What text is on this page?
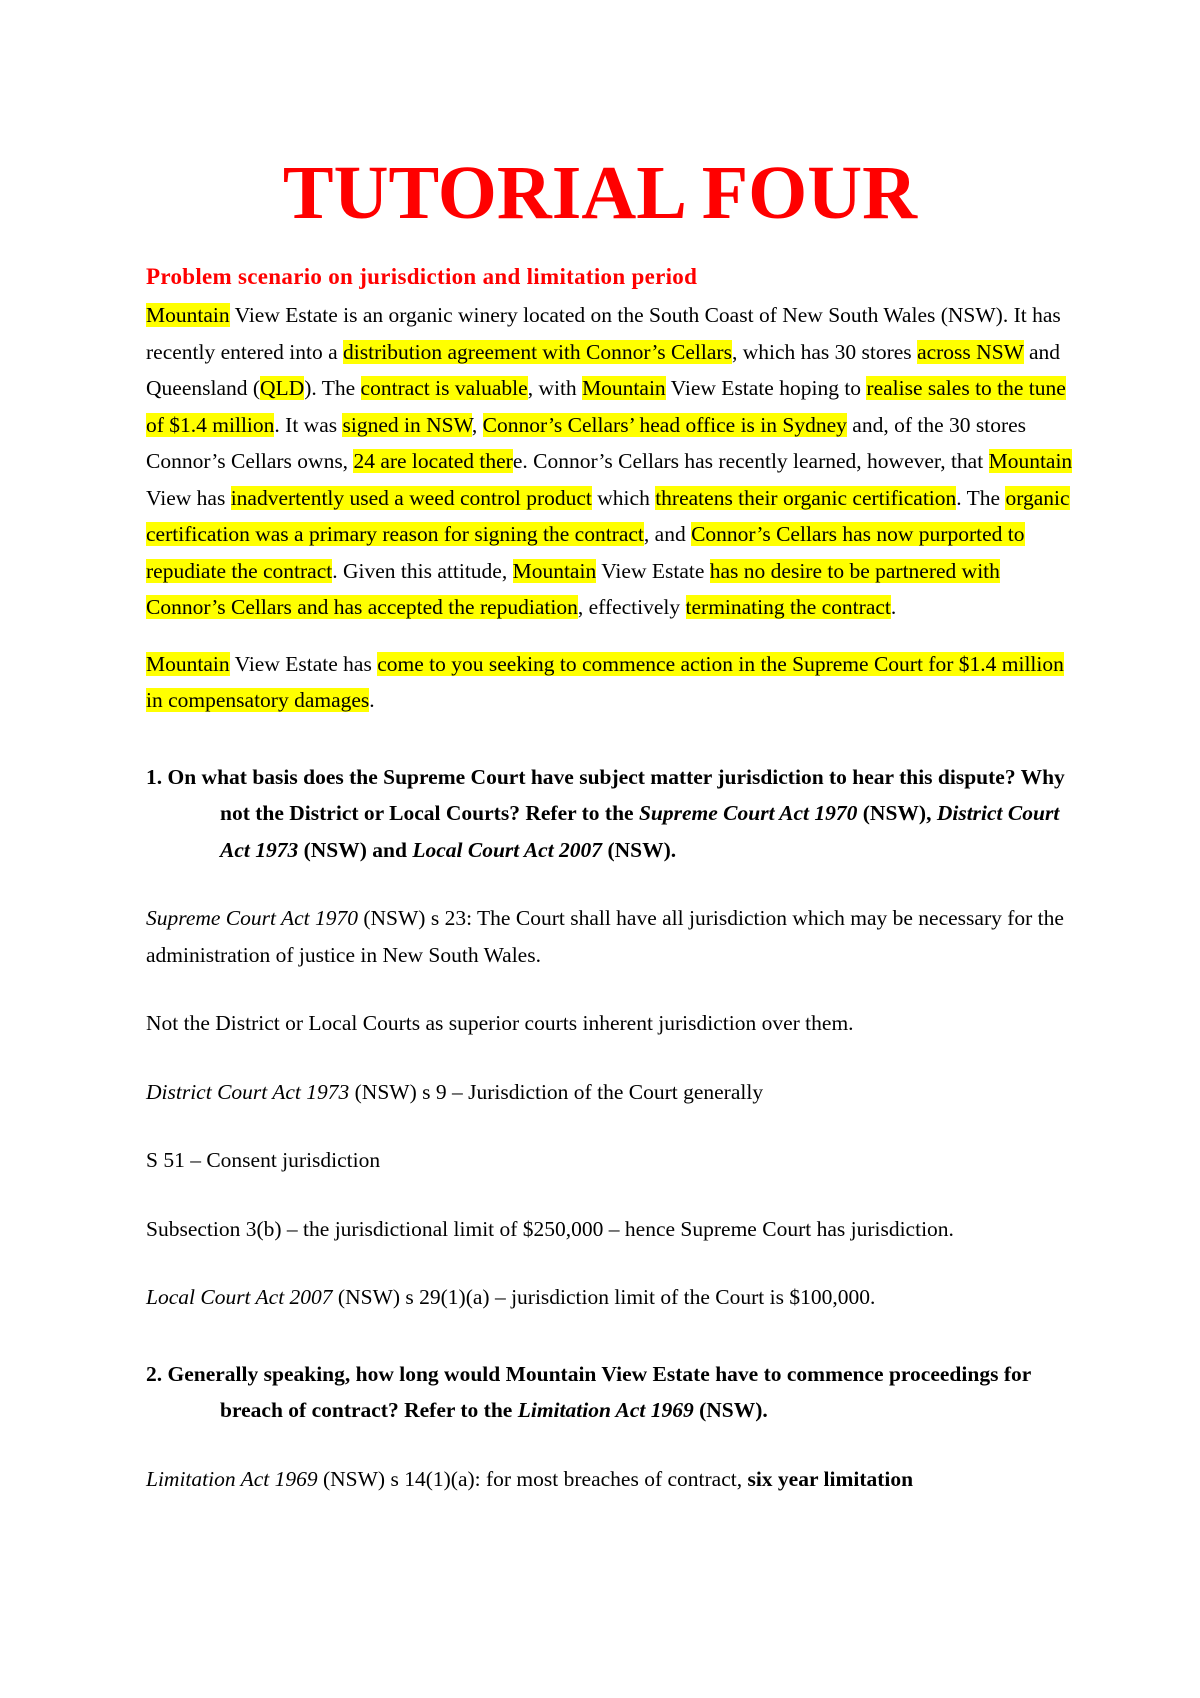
TUTORIAL FOUR
Problem scenario on jurisdiction and limitation period

Mountain View Estate is an organic winery located on the South Coast of New South Wales (NSW). It has recently entered into a distribution agreement with Connor’s Cellars, which has 30 stores across NSW and Queensland (QLD). The contract is valuable, with Mountain View Estate hoping to realise sales to the tune of $1.4 million. It was signed in NSW, Connor’s Cellars’ head office is in Sydney and, of the 30 stores Connor’s Cellars owns, 24 are located there. Connor’s Cellars has recently learned, however, that Mountain View has inadvertently used a weed control product which threatens their organic certification. The organic certification was a primary reason for signing the contract, and Connor’s Cellars has now purported to repudiate the contract. Given this attitude, Mountain View Estate has no desire to be partnered with Connor’s Cellars and has accepted the repudiation, effectively terminating the contract.

Mountain View Estate has come to you seeking to commence action in the Supreme Court for $1.4 million in compensatory damages.

1. On what basis does the Supreme Court have subject matter jurisdiction to hear this dispute? Why not the District or Local Courts? Refer to the Supreme Court Act 1970 (NSW), District Court Act 1973 (NSW) and Local Court Act 2007 (NSW).

Supreme Court Act 1970 (NSW) s 23: The Court shall have all jurisdiction which may be necessary for the administration of justice in New South Wales.

Not the District or Local Courts as superior courts inherent jurisdiction over them.

District Court Act 1973 (NSW) s 9 – Jurisdiction of the Court generally

S 51 – Consent jurisdiction

Subsection 3(b) – the jurisdictional limit of $250,000 – hence Supreme Court has jurisdiction.

Local Court Act 2007 (NSW) s 29(1)(a) – jurisdiction limit of the Court is $100,000.

2. Generally speaking, how long would Mountain View Estate have to commence proceedings for breach of contract? Refer to the Limitation Act 1969 (NSW).

Limitation Act 1969 (NSW) s 14(1)(a): for most breaches of contract, six year limitation
